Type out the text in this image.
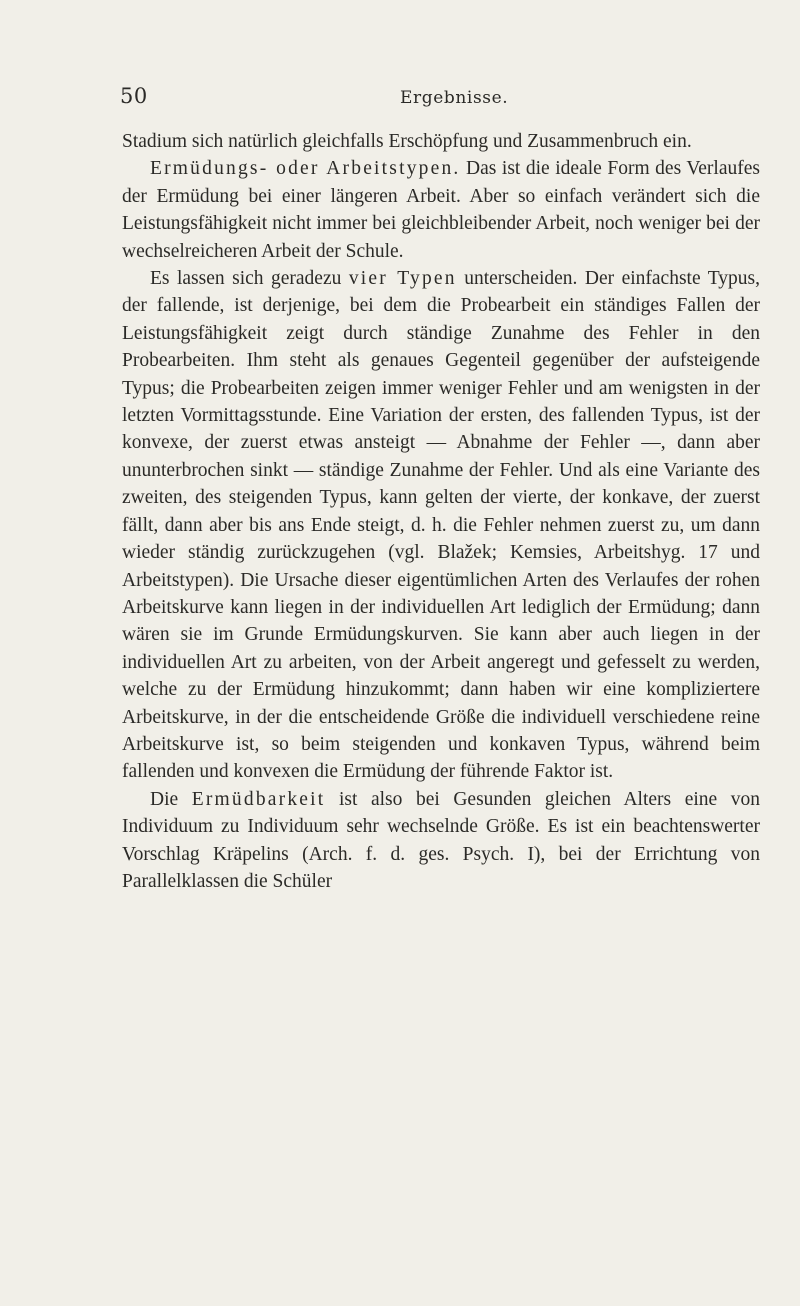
50	Ergebnisse.

Stadium sich natürlich gleichfalls Erschöpfung und Zusammenbruch ein.

Ermüdungs- oder Arbeitstypen. Das ist die ideale Form des Verlaufes der Ermüdung bei einer längeren Arbeit. Aber so einfach verändert sich die Leistungsfähigkeit nicht immer bei gleichbleibender Arbeit, noch weniger bei der wechselreicheren Arbeit der Schule.

Es lassen sich geradezu vier Typen unterscheiden. Der einfachste Typus, der fallende, ist derjenige, bei dem die Probearbeit ein ständiges Fallen der Leistungsfähigkeit zeigt durch ständige Zunahme des Fehler in den Probearbeiten. Ihm steht als genaues Gegenteil gegenüber der aufsteigende Typus; die Probearbeiten zeigen immer weniger Fehler und am wenigsten in der letzten Vormittagsstunde. Eine Variation der ersten, des fallenden Typus, ist der konvexe, der zuerst etwas ansteigt — Abnahme der Fehler —, dann aber ununterbrochen sinkt — ständige Zunahme der Fehler. Und als eine Variante des zweiten, des steigenden Typus, kann gelten der vierte, der konkave, der zuerst fällt, dann aber bis ans Ende steigt, d. h. die Fehler nehmen zuerst zu, um dann wieder ständig zurückzugehen (vgl. Blažek; Kemsies, Arbeitshyg. 17 und Arbeitstypen). Die Ursache dieser eigentümlichen Arten des Verlaufes der rohen Arbeitskurve kann liegen in der individuellen Art lediglich der Ermüdung; dann wären sie im Grunde Ermüdungskurven. Sie kann aber auch liegen in der individuellen Art zu arbeiten, von der Arbeit angeregt und gefesselt zu werden, welche zu der Ermüdung hinzukommt; dann haben wir eine kompliziertere Arbeitskurve, in der die entscheidende Größe die individuell verschiedene reine Arbeitskurve ist, so beim steigenden und konkaven Typus, während beim fallenden und konvexen die Ermüdung der führende Faktor ist.

Die Ermüdbarkeit ist also bei Gesunden gleichen Alters eine von Individuum zu Individuum sehr wechselnde Größe. Es ist ein beachtenswerter Vorschlag Kräpelins (Arch. f. d. ges. Psych. I), bei der Errichtung von Parallelklassen die Schüler
